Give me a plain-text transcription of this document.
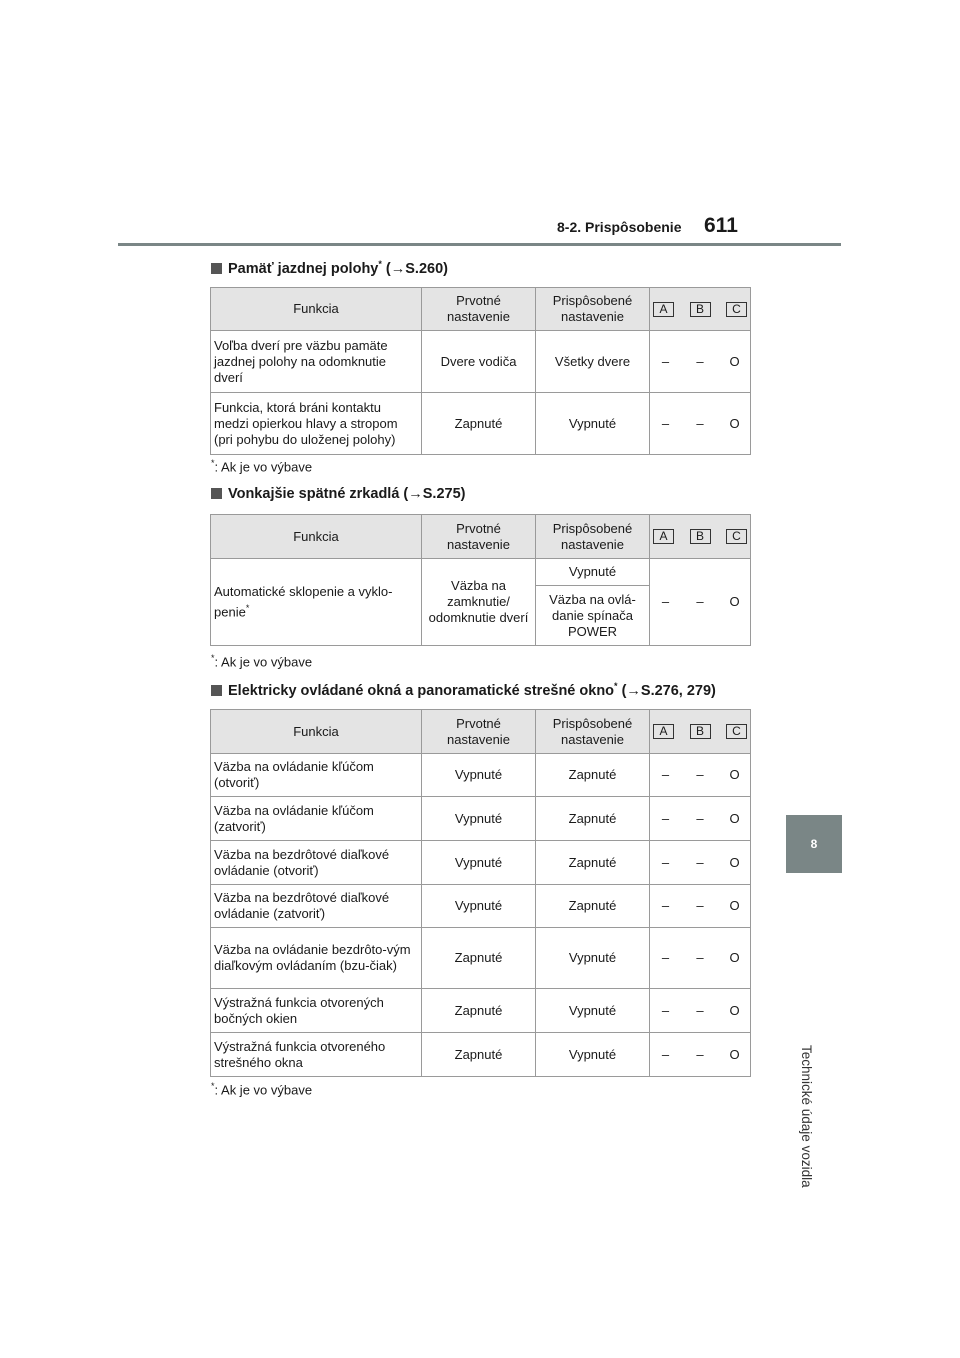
8-2. Prispôsobenie 611
8
Technické údaje vozidla
Pamäť jazdnej polohy* (→S.260)
Funkcia	Prvotné nastavenie	Prispôsobené nastavenie	A B C

Voľba dverí pre väzbu pamäte jazdnej polohy na odomknutie dverí	Dvere vodiča	Všetky dvere	– – O

Funkcia, ktorá bráni kontaktu medzi opierkou hlavy a stropom (pri pohybu do uloženej polohy)	Zapnuté	Vypnuté	– – O
*: Ak je vo výbave
Vonkajšie spätné zrkadlá (→S.275)
Funkcia	Prvotné nastavenie	Prispôsobené nastavenie	A B C

Automatické sklopenie a vyklo-penie*	Väzba na zamknutie/ odomknutie dverí	Vypnuté	– – O

		Väzba na ovlá-danie spínača POWER	
*: Ak je vo výbave
Elektricky ovládané okná a panoramatické strešné okno* (→S.276, 279)
Funkcia	Prvotné nastavenie	Prispôsobené nastavenie	A B C

Väzba na ovládanie kľúčom (otvoriť)	Vypnuté	Zapnuté	– – O

Väzba na ovládanie kľúčom (zatvoriť)	Vypnuté	Zapnuté	– – O

Väzba na bezdrôtové diaľkové ovládanie (otvoriť)	Vypnuté	Zapnuté	– – O

Väzba na bezdrôtové diaľkové ovládanie (zatvoriť)	Vypnuté	Zapnuté	– – O

Väzba na ovládanie bezdrôto-vým diaľkovým ovládaním (bzu-čiak)	Zapnuté	Vypnuté	– – O

Výstražná funkcia otvorených bočných okien	Zapnuté	Vypnuté	– – O

Výstražná funkcia otvoreného strešného okna	Zapnuté	Vypnuté	– – O
*: Ak je vo výbave
